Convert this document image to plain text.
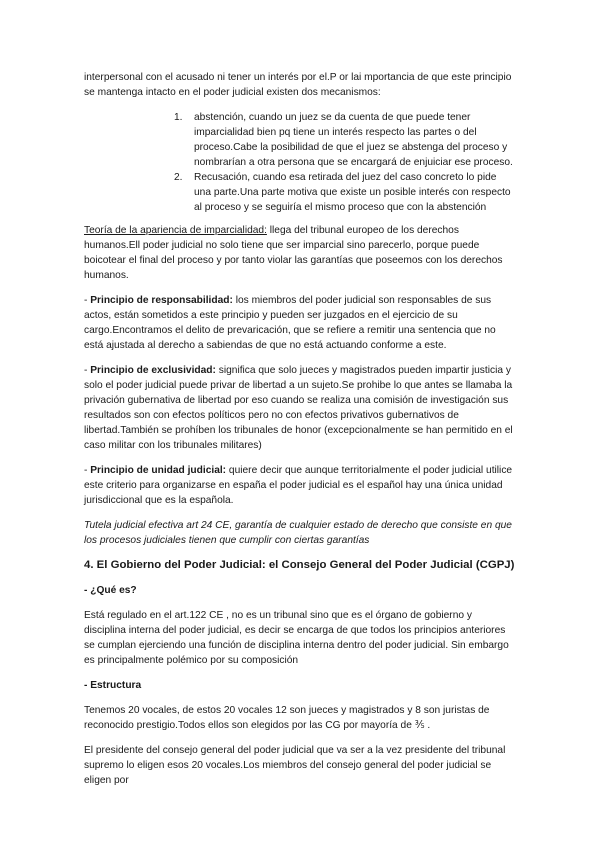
interpersonal con el acusado ni tener un interés por el.P or lai mportancia de que este principio se mantenga intacto en el poder judicial existen dos mecanismos:

1. abstención, cuando un juez se da cuenta de que puede tener imparcialidad bien pq tiene un interés respecto las partes o del proceso.Cabe la posibilidad de que el juez se abstenga del proceso y nombrarían a otra persona que se encargará de enjuiciar ese proceso.
2. Recusación, cuando esa retirada del juez del caso concreto lo pide una parte.Una parte motiva que existe un posible interés con respecto al proceso y se seguiría el mismo proceso que con la abstención

Teoría de la apariencia de imparcialidad: llega del tribunal europeo de los derechos humanos.Ell poder judicial no solo tiene que ser imparcial sino parecerlo, porque puede boicotear el final del proceso y por tanto violar las garantías que poseemos con los derechos humanos.

- Principio de responsabilidad: los miembros del poder judicial son responsables de sus actos, están sometidos a este principio y pueden ser juzgados en el ejercicio de su cargo.Encontramos el delito de prevaricación, que se refiere a remitir una sentencia que no está ajustada al derecho a sabiendas de que no está actuando conforme a este.

- Principio de exclusividad: significa que solo jueces y magistrados pueden impartir justicia y solo el poder judicial puede privar de libertad a un sujeto.Se prohibe lo que antes se llamaba la privación gubernativa de libertad por eso cuando se realiza una comisión de investigación sus resultados son con efectos políticos pero no con efectos privativos gubernativos de libertad.También se prohíben los tribunales de honor (excepcionalmente se han permitido en el caso militar con los tribunales militares)

- Principio de unidad judicial: quiere decir que aunque territorialmente el poder judicial utilice este criterio para organizarse en españa el poder judicial es el español hay una única unidad jurisdiccional que es la española.

Tutela judicial efectiva art 24 CE, garantía de cualquier estado de derecho que consiste en que los procesos judiciales tienen que cumplir con ciertas garantías

4. El Gobierno del Poder Judicial: el Consejo General del Poder Judicial (CGPJ)
- ¿Qué es?

Está regulado en el art.122 CE , no es un tribunal sino que es el órgano de gobierno y disciplina interna del poder judicial, es decir se encarga de que todos los principios anteriores se cumplan ejerciendo una función de disciplina interna dentro del poder judicial. Sin embargo es principalmente polémico por su composición

- Estructura

Tenemos 20 vocales, de estos 20 vocales 12 son jueces y magistrados y 8 son juristas de reconocido prestigio.Todos ellos son elegidos por las CG por mayoría de ⅗ .

El presidente del consejo general del poder judicial que va ser a la vez presidente del tribunal supremo lo eligen esos 20 vocales.Los miembros del consejo general del poder judicial se eligen por
